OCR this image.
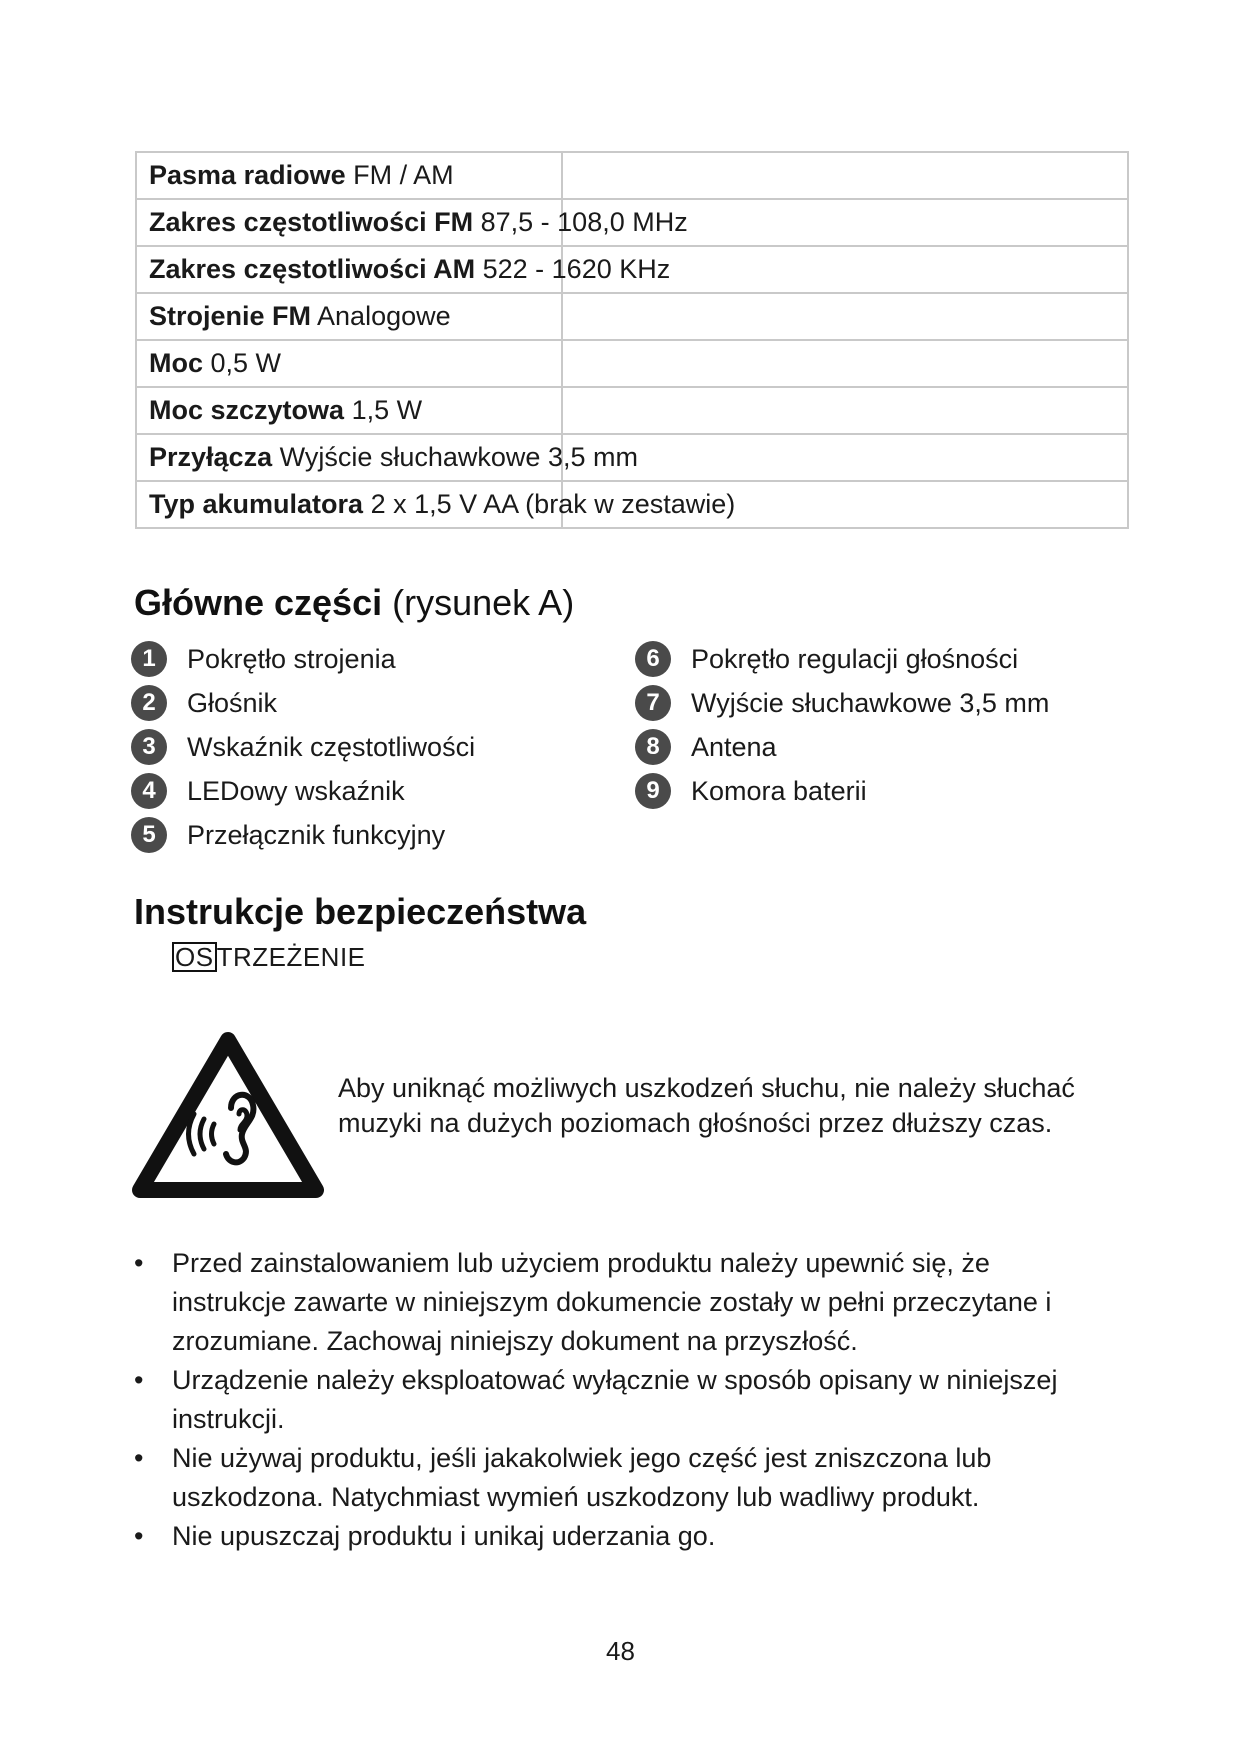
Pasma radiowe FM / AM	
Zakres częstotliwości FM 87,5 - 108,0 MHz	
Zakres częstotliwości AM 522 - 1620 KHz	
Strojenie FM Analogowe	
Moc 0,5 W	
Moc szczytowa 1,5 W	
Przyłącza Wyjście słuchawkowe 3,5 mm	
Typ akumulatora 2 x 1,5 V AA (brak w zestawie)	
Główne części (rysunek A)
1	Pokrętło strojenia
2	Głośnik
3	Wskaźnik częstotliwości
4	LEDowy wskaźnik
5	Przełącznik funkcyjny
6	Pokrętło regulacji głośności
7	Wyjście słuchawkowe 3,5 mm
8	Antena
9	Komora baterii
Instrukcje bezpieczeństwa
OS TRZEŻENIE
Aby uniknąć możliwych uszkodzeń słuchu, nie należy słuchać muzyki na dużych poziomach głośności przez dłuższy czas.
• Przed zainstalowaniem lub użyciem produktu należy upewnić się, że instrukcje zawarte w niniejszym dokumencie zostały w pełni przeczytane i zrozumiane. Zachowaj niniejszy dokument na przyszłość.
• Urządzenie należy eksploatować wyłącznie w sposób opisany w niniejszej instrukcji.
• Nie używaj produktu, jeśli jakakolwiek jego część jest zniszczona lub uszkodzona. Natychmiast wymień uszkodzony lub wadliwy produkt.
• Nie upuszczaj produktu i unikaj uderzania go.
48
